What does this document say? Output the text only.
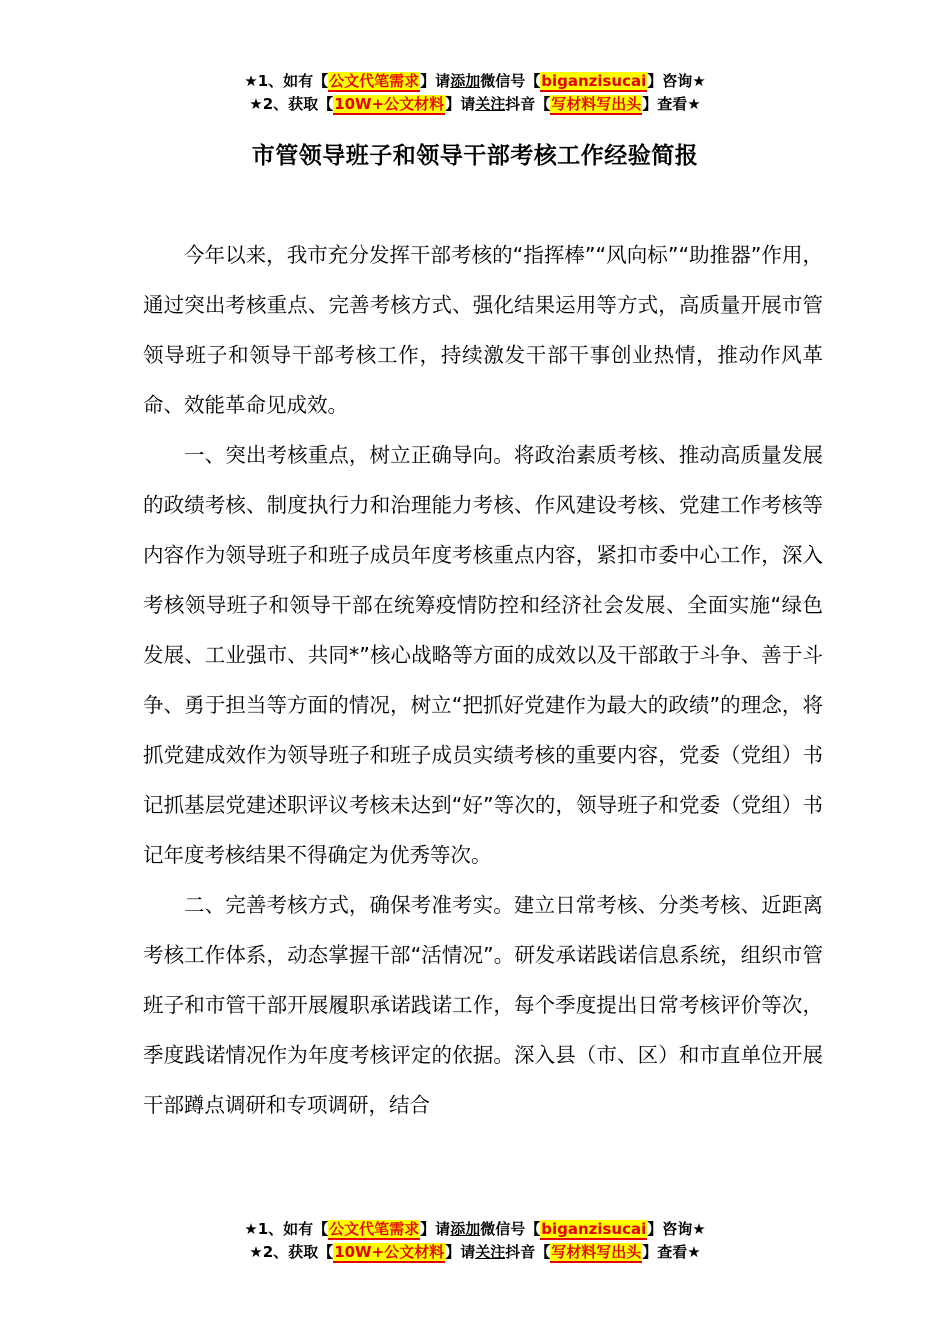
★1、如有【公文代笔需求】请添加微信号【biganzisucai】咨询★
★2、获取【10W+公文材料】请关注抖音【写材料写出头】查看★
市管领导班子和领导干部考核工作经验简报

今年以来，我市充分发挥干部考核的“指挥棒”“风向标”“助推器”作用，通过突出考核重点、完善考核方式、强化结果运用等方式，高质量开展市管领导班子和领导干部考核工作，持续激发干部干事创业热情，推动作风革命、效能革命见成效。

一、突出考核重点，树立正确导向。将政治素质考核、推动高质量发展的政绩考核、制度执行力和治理能力考核、作风建设考核、党建工作考核等内容作为领导班子和班子成员年度考核重点内容，紧扣市委中心工作，深入考核领导班子和领导干部在统筹疫情防控和经济社会发展、全面实施“绿色发展、工业强市、共同*”核心战略等方面的成效以及干部敢于斗争、善于斗争、勇于担当等方面的情况，树立“把抓好党建作为最大的政绩”的理念，将抓党建成效作为领导班子和班子成员实绩考核的重要内容，党委（党组）书记抓基层党建述职评议考核未达到“好”等次的，领导班子和党委（党组）书记年度考核结果不得确定为优秀等次。

二、完善考核方式，确保考准考实。建立日常考核、分类考核、近距离考核工作体系，动态掌握干部“活情况”。研发承诺践诺信息系统，组织市管班子和市管干部开展履职承诺践诺工作，每个季度提出日常考核评价等次，季度践诺情况作为年度考核评定的依据。深入县（市、区）和市直单位开展干部蹲点调研和专项调研，结合

★1、如有【公文代笔需求】请添加微信号【biganzisucai】咨询★
★2、获取【10W+公文材料】请关注抖音【写材料写出头】查看★
